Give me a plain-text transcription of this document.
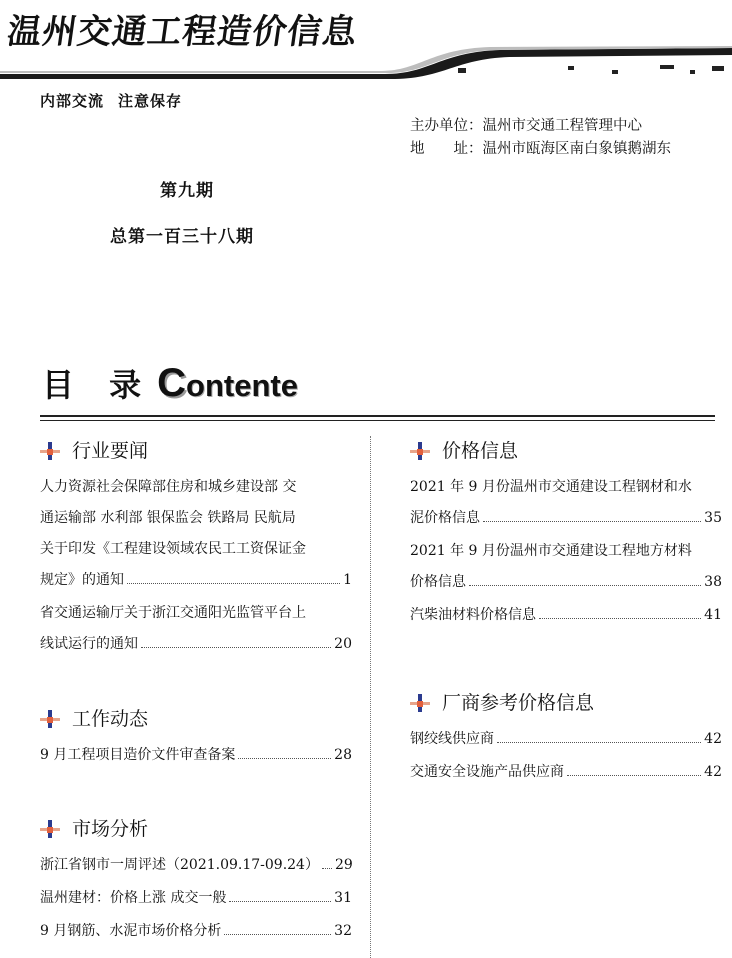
温州交通工程造价信息
内部交流 注意保存
主办单位：温州市交通工程管理中心
地　　址：温州市瓯海区南白象镇鹅湖东
第九期
总第一百三十八期
目 录 Contente
行业要闻
人力资源社会保障部住房和城乡建设部 交
通运输部 水利部 银保监会 铁路局 民航局
关于印发《工程建设领域农民工工资保证金
规定》的通知	1
省交通运输厅关于浙江交通阳光监管平台上
线试运行的通知	20
工作动态
9 月工程项目造价文件审查备案	28
市场分析
浙江省钢市一周评述（2021.09.17-09.24） 29
温州建材：价格上涨 成交一般	31
9 月钢筋、水泥市场价格分析	32
价格信息
2021 年 9 月份温州市交通建设工程钢材和水
泥价格信息	35
2021 年 9 月份温州市交通建设工程地方材料
价格信息	38
汽柴油材料价格信息	41
厂商参考价格信息
钢绞线供应商	42
交通安全设施产品供应商	42
